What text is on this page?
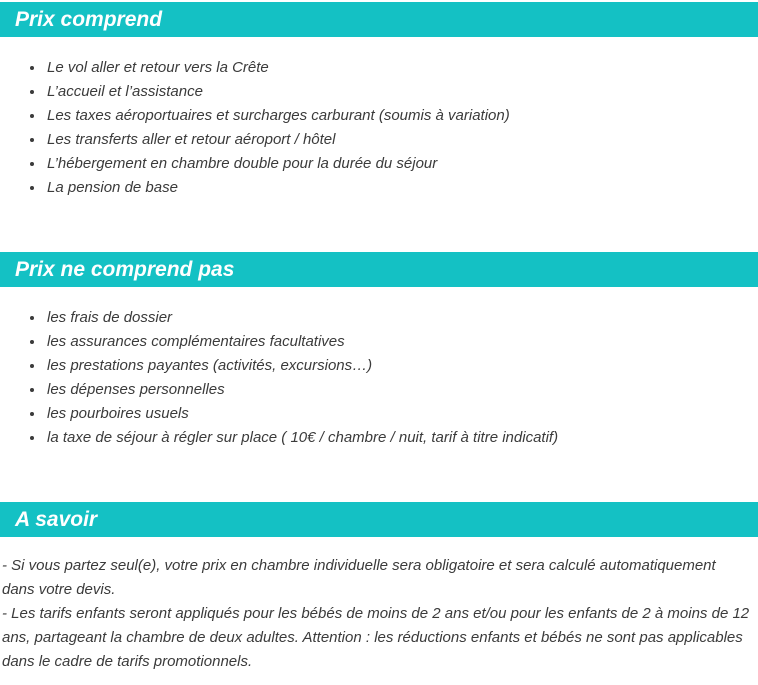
Prix comprend
• Le vol aller et retour vers la Crête
• L’accueil et l’assistance
• Les taxes aéroportuaires et surcharges carburant (soumis à variation)
• Les transferts aller et retour aéroport / hôtel
• L’hébergement en chambre double pour la durée du séjour
• La pension de base
Prix ne comprend pas
• les frais de dossier
• les assurances complémentaires facultatives
• les prestations payantes (activités, excursions…)
• les dépenses personnelles
• les pourboires usuels
• la taxe de séjour à régler sur place ( 10€ / chambre / nuit, tarif à titre indicatif)
A savoir

- Si vous partez seul(e), votre prix en chambre individuelle sera obligatoire et sera calculé automatiquement dans votre devis.

- Les tarifs enfants seront appliqués pour les bébés de moins de 2 ans et/ou pour les enfants de 2 à moins de 12 ans, partageant la chambre de deux adultes. Attention : les réductions enfants et bébés ne sont pas applicables dans le cadre de tarifs promotionnels.
